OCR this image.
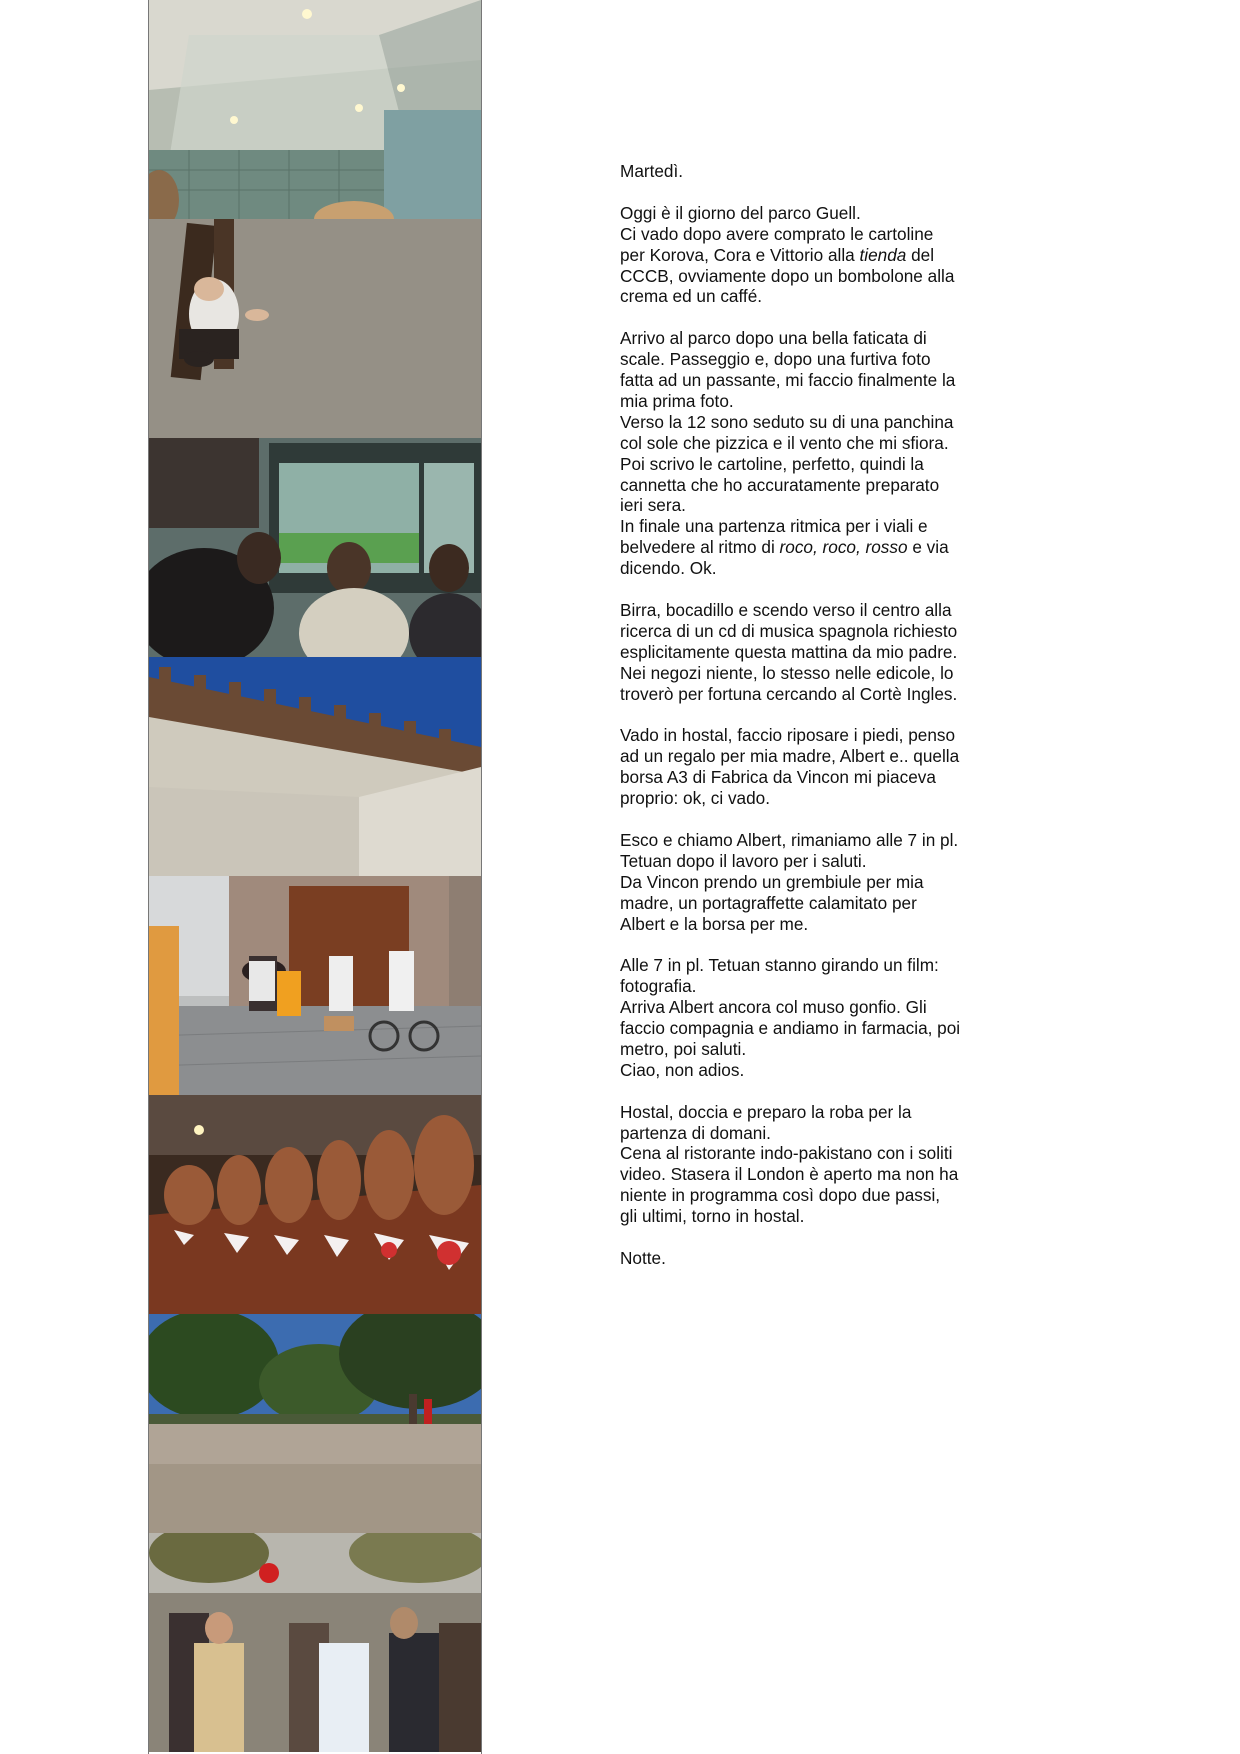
Martedì.

Oggi è il giorno del parco Guell.
Ci vado dopo avere comprato le cartoline
per Korova, Cora e Vittorio alla tienda del
CCCB, ovviamente dopo un bombolone alla
crema ed un caffé.

Arrivo al parco dopo una bella faticata di
scale. Passeggio e, dopo una furtiva foto
fatta ad un passante, mi faccio finalmente la
mia prima foto.
Verso la 12 sono seduto su di una panchina
col sole che pizzica e il vento che mi sfiora.
Poi scrivo le cartoline, perfetto, quindi la
cannetta che ho accuratamente preparato
ieri sera.
In finale una partenza ritmica per i viali e
belvedere al ritmo di roco, roco, rosso e via
dicendo. Ok.

Birra, bocadillo e scendo verso il centro alla
ricerca di un cd di musica spagnola richiesto
esplicitamente questa mattina da mio padre.
Nei negozi niente, lo stesso nelle edicole, lo
troverò per fortuna cercando al Cortè Ingles.

Vado in hostal, faccio riposare i piedi, penso
ad un regalo per mia madre, Albert e.. quella
borsa A3 di Fabrica da Vincon mi piaceva
proprio: ok, ci vado.

Esco e chiamo Albert, rimaniamo alle 7 in pl.
Tetuan dopo il lavoro per i saluti.
Da Vincon prendo un grembiule per mia
madre, un portagraffette calamitato per
Albert e la borsa per me.

Alle 7 in pl. Tetuan stanno girando un film:
fotografia.
Arriva Albert ancora col muso gonfio. Gli
faccio compagnia e andiamo in farmacia, poi
metro, poi saluti.
Ciao, non adios.

Hostal, doccia e preparo la roba per la
partenza di domani.
Cena al ristorante indo-pakistano con i soliti
video. Stasera il London è aperto ma non ha
niente in programma così dopo due passi,
gli ultimi, torno in hostal.

Notte.
